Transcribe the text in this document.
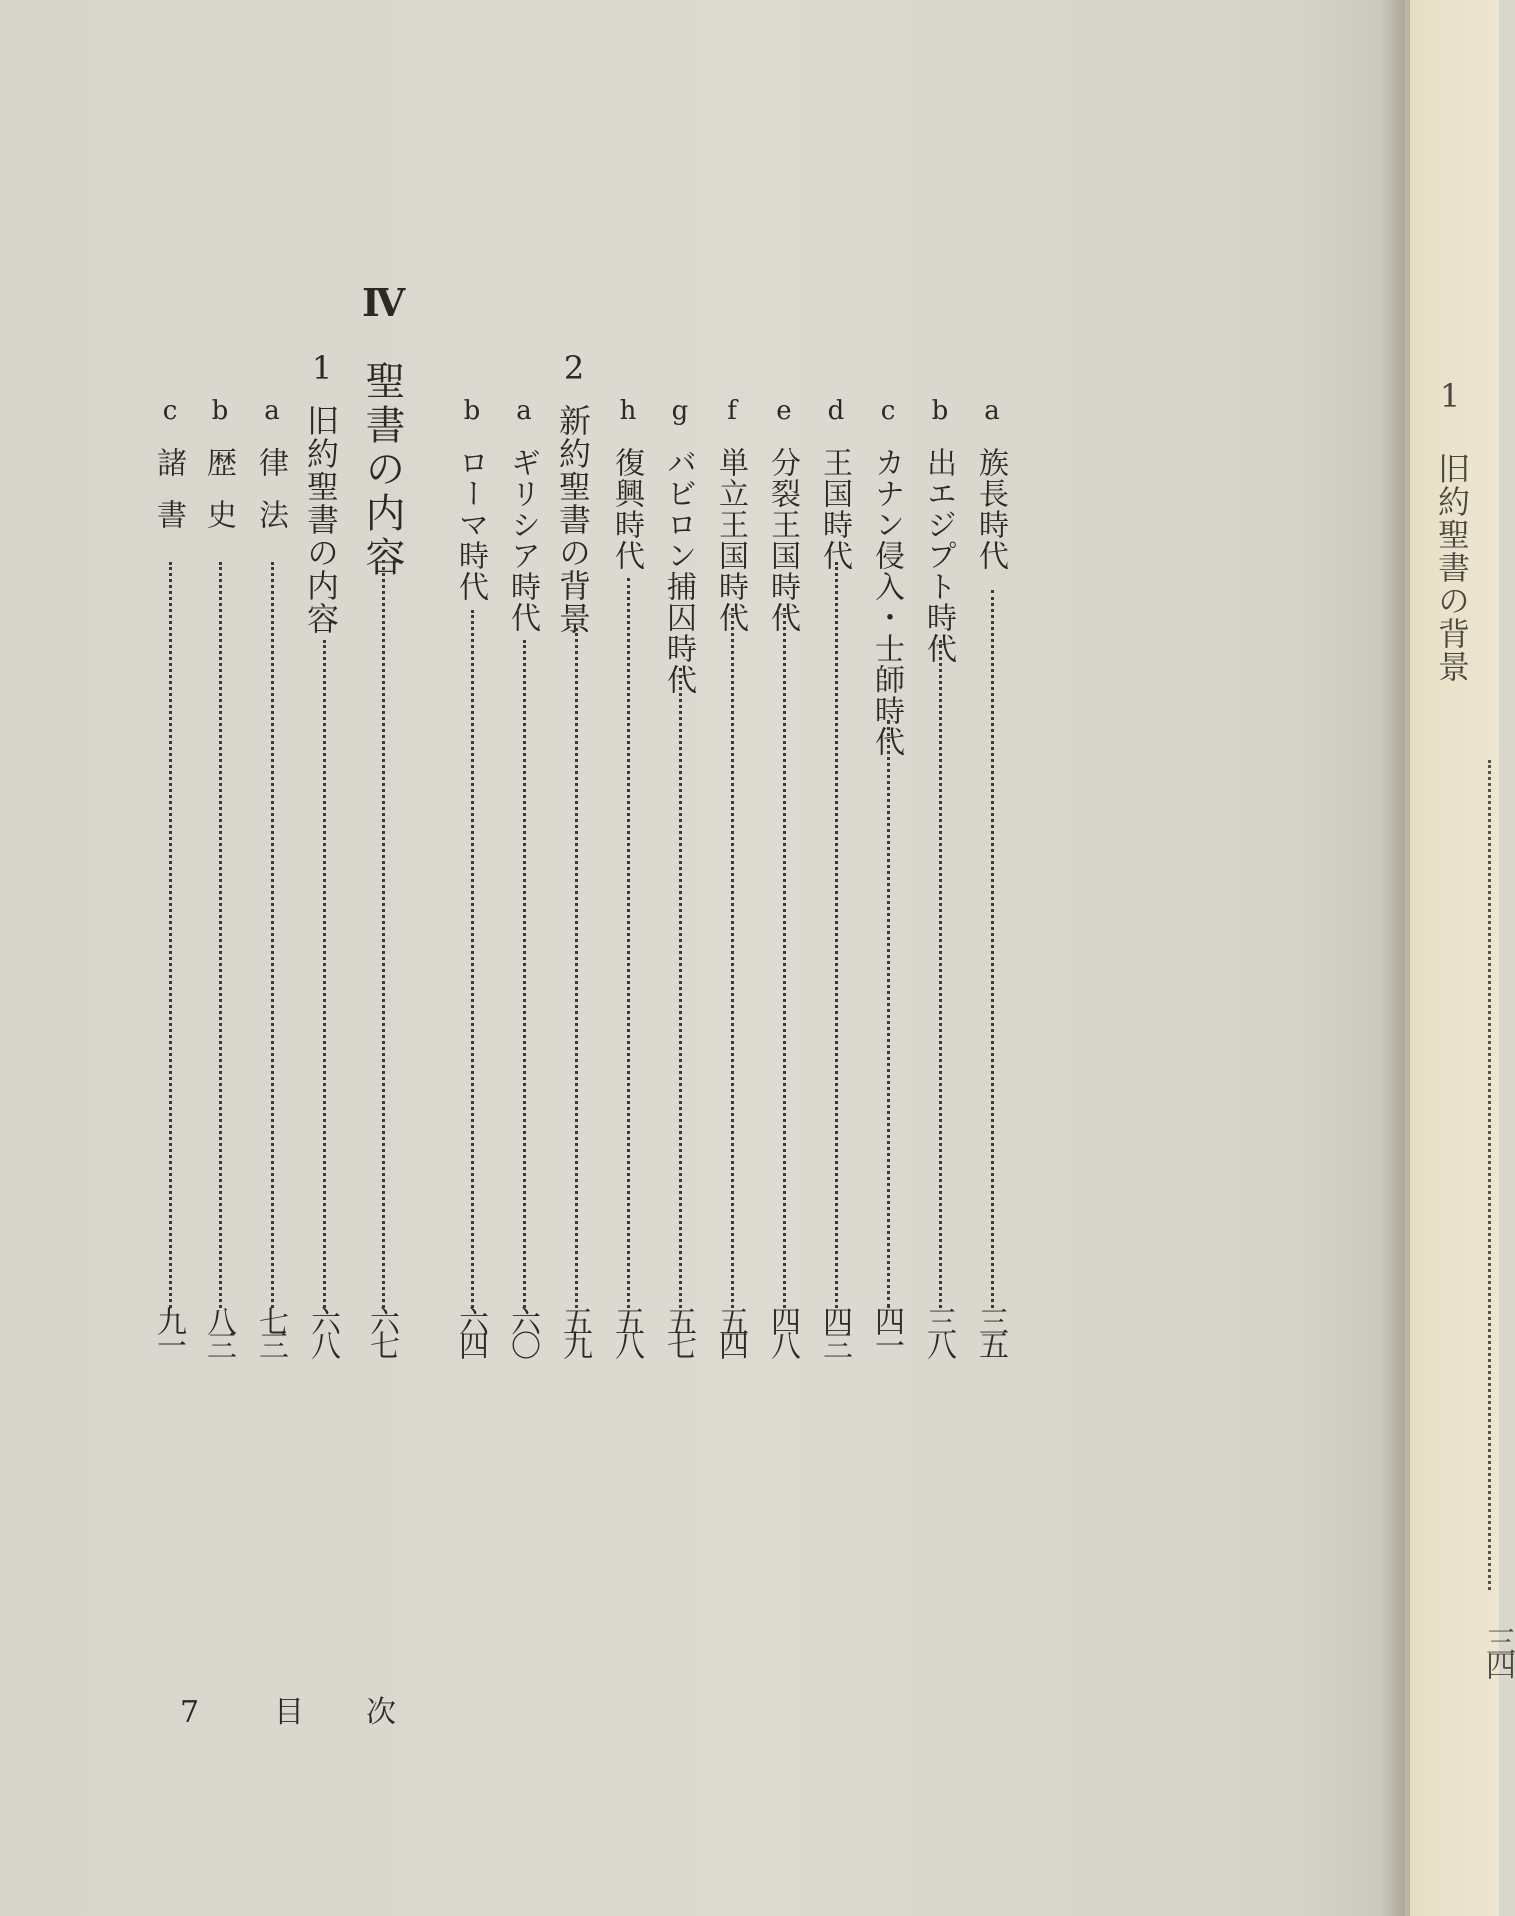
a
族長時代
三五
b
出エジプト時代
三八
c
カナン侵入・士師時代
四一
d
王国時代
四三
e
分裂王国時代
四八
f
単立王国時代
五四
g
バビロン捕囚時代
五七
h
復興時代
五八
2
新約聖書の背景
五九
a
ギリシア時代
六〇
b
ローマ時代
六四
Ⅳ
聖書の内容
六七
1
旧約聖書の内容
六八
a
律法
七三
b
歴史
八三
c
諸書
九一
7 目 次
1
旧約聖書の背景
三四
